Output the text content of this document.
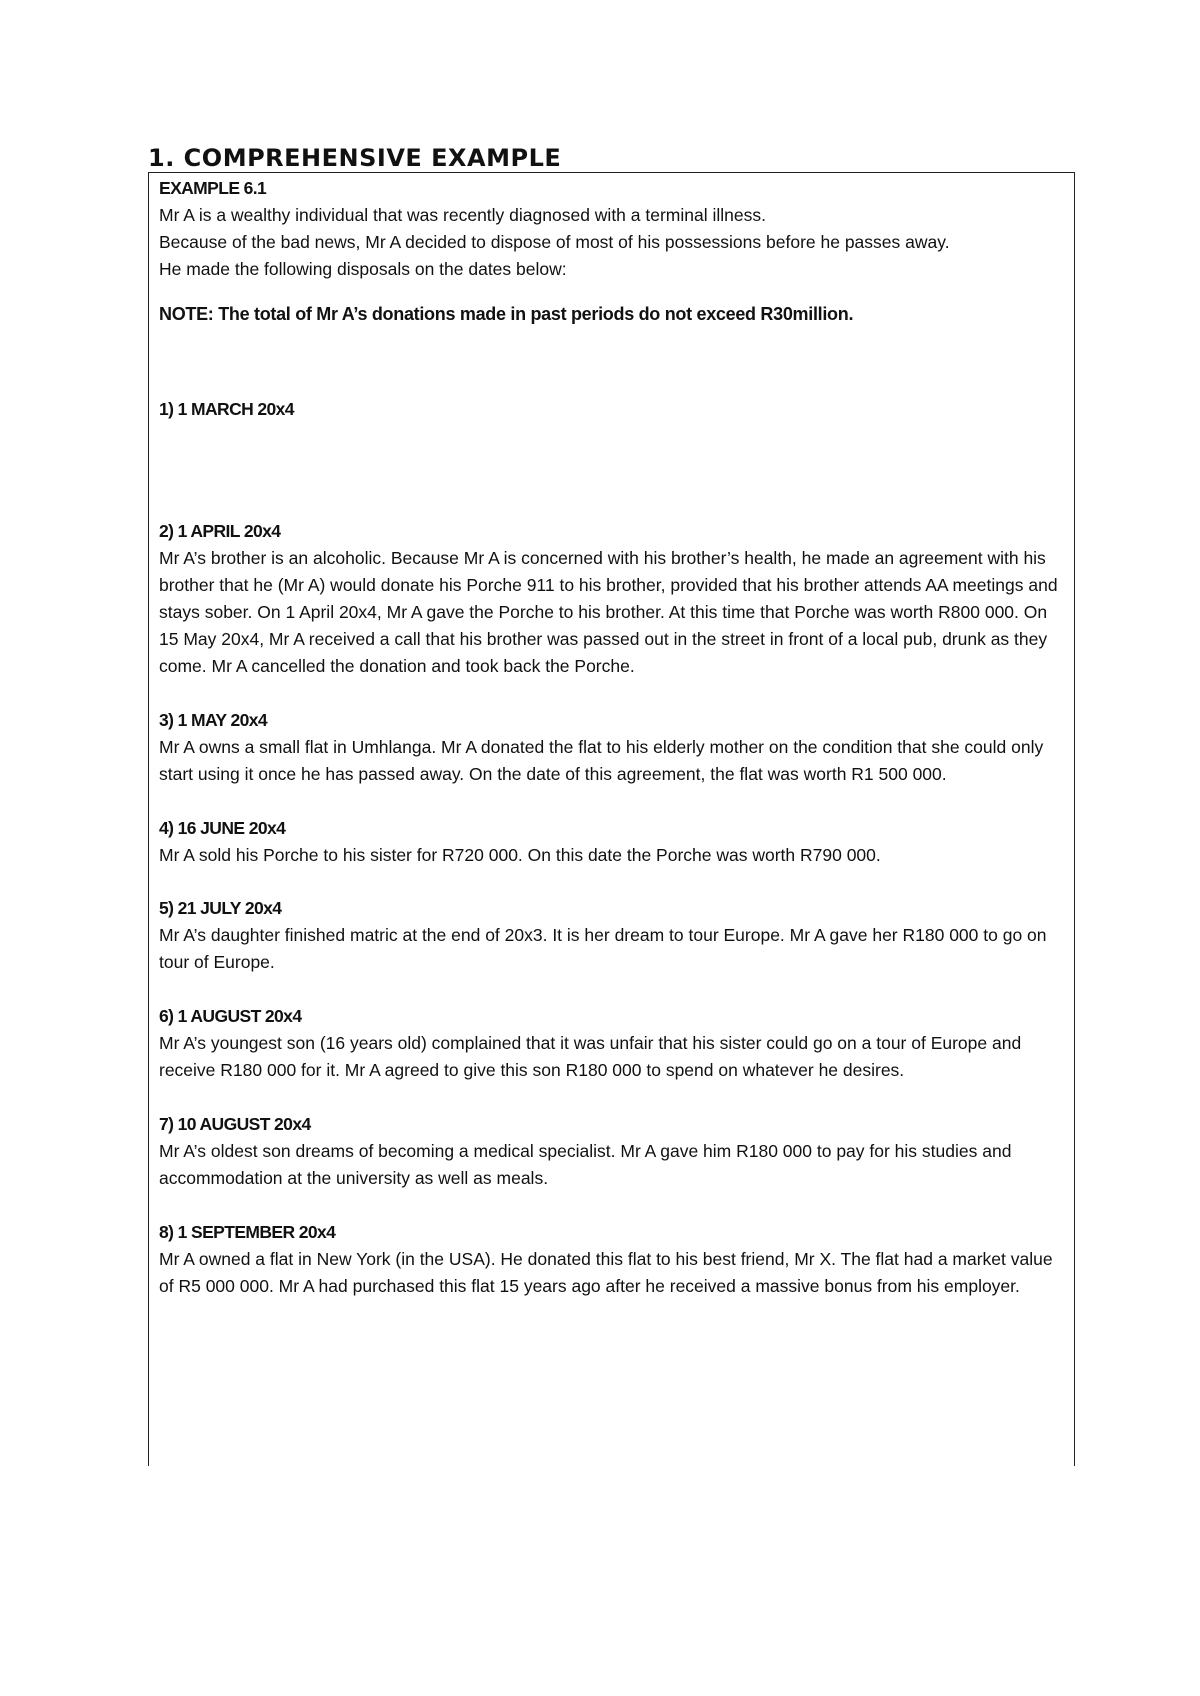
1. COMPREHENSIVE EXAMPLE

EXAMPLE 6.1

Mr A is a wealthy individual that was recently diagnosed with a terminal illness.

Because of the bad news, Mr A decided to dispose of most of his possessions before he passes away.

He made the following disposals on the dates below:

NOTE: The total of Mr A’s donations made in past periods do not exceed R30million.

1) 1 MARCH 20x4

2) 1 APRIL 20x4

Mr A’s brother is an alcoholic. Because Mr A is concerned with his brother’s health, he made an agreement with his brother that he (Mr A) would donate his Porche 911 to his brother, provided that his brother attends AA meetings and stays sober. On 1 April 20x4, Mr A gave the Porche to his brother. At this time that Porche was worth R800 000. On 15 May 20x4, Mr A received a call that his brother was passed out in the street in front of a local pub, drunk as they come. Mr A cancelled the donation and took back the Porche.

3) 1 MAY 20x4

Mr A owns a small flat in Umhlanga. Mr A donated the flat to his elderly mother on the condition that she could only start using it once he has passed away. On the date of this agreement, the flat was worth R1 500 000.

4) 16 JUNE 20x4

Mr A sold his Porche to his sister for R720 000. On this date the Porche was worth R790 000.

5) 21 JULY 20x4

Mr A’s daughter finished matric at the end of 20x3. It is her dream to tour Europe. Mr A gave her R180 000 to go on tour of Europe.

6) 1 AUGUST 20x4

Mr A’s youngest son (16 years old) complained that it was unfair that his sister could go on a tour of Europe and receive R180 000 for it. Mr A agreed to give this son R180 000 to spend on whatever he desires.

7) 10 AUGUST 20x4

Mr A’s oldest son dreams of becoming a medical specialist. Mr A gave him R180 000 to pay for his studies and accommodation at the university as well as meals.

8) 1 SEPTEMBER 20x4

Mr A owned a flat in New York (in the USA). He donated this flat to his best friend, Mr X. The flat had a market value of R5 000 000. Mr A had purchased this flat 15 years ago after he received a massive bonus from his employer.
